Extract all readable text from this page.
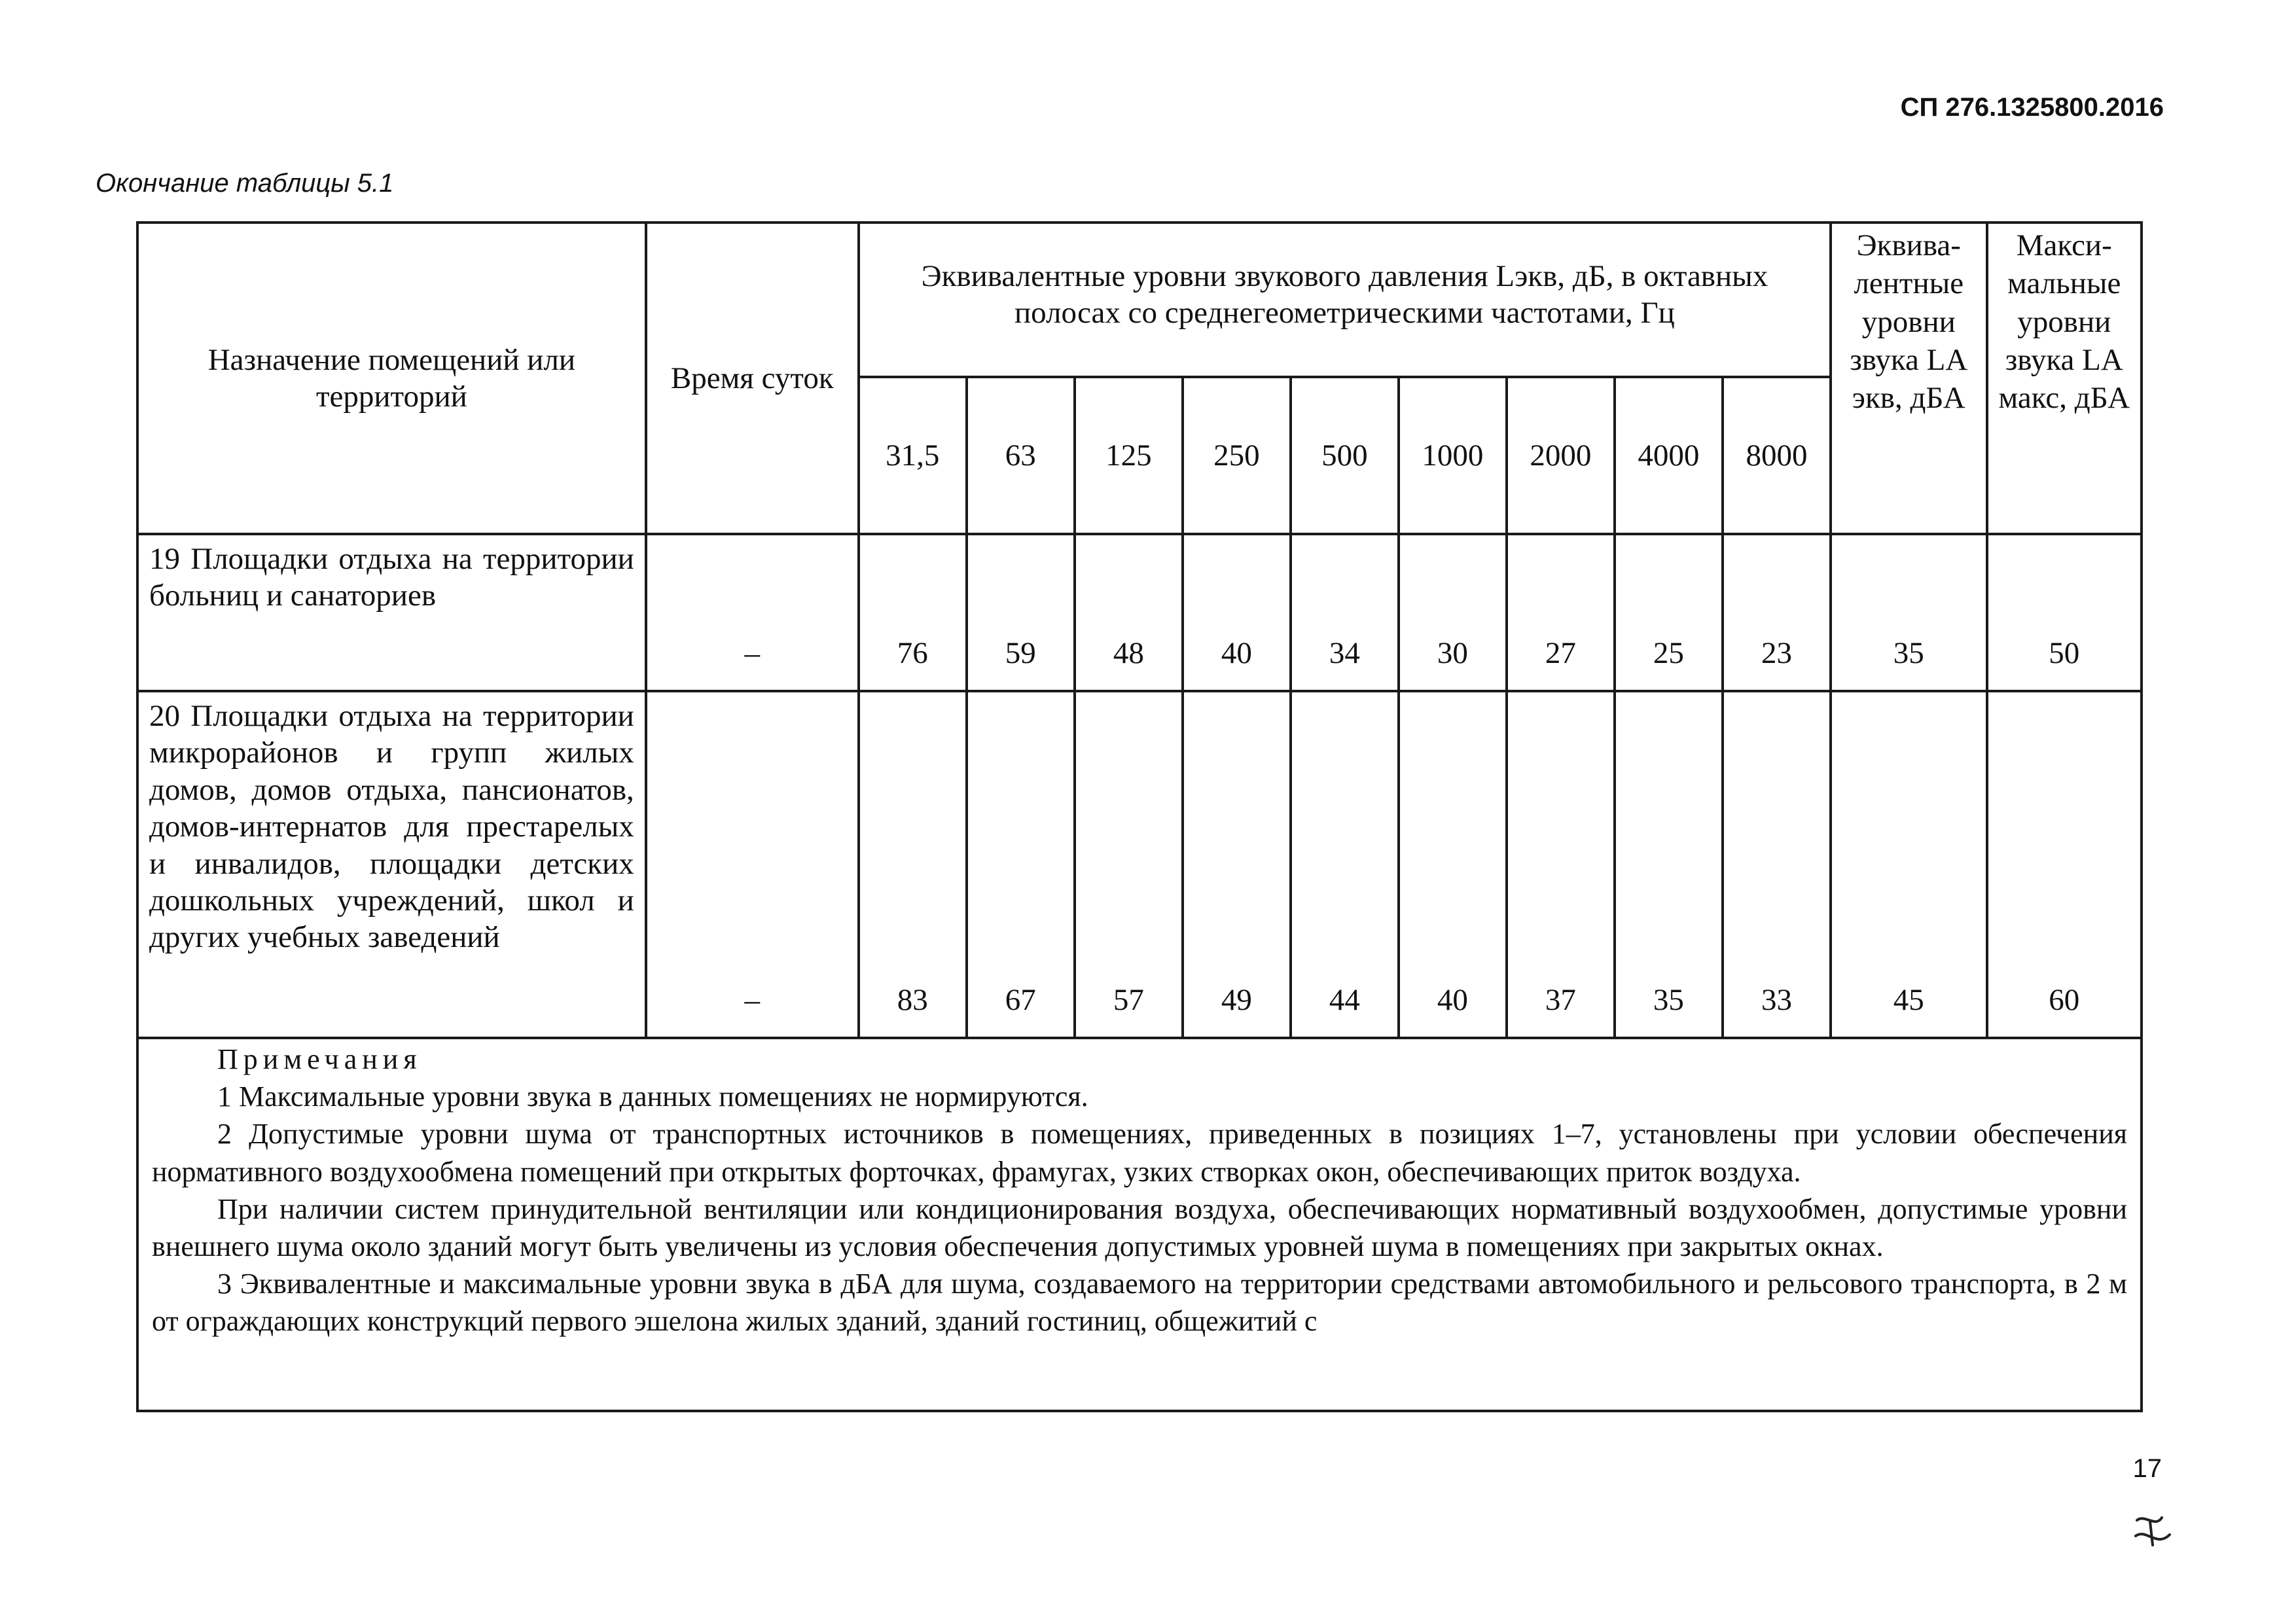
СП 276.1325800.2016
Окончание таблицы 5.1
Назначение помещений или территорий	Время суток	Эквивалентные уровни звукового давления Lэкв, дБ, в октавных полосах со среднегеометрическими частотами, Гц									Эквива-лентные уровни звука LA экв, дБА	Макси-мальные уровни звука LA макс, дБА
		31,5	63	125	250	500	1000	2000	4000	8000		
19 Площадки отдыха на территории больниц и санаториев	–	76	59	48	40	34	30	27	25	23	35	50
20 Площадки отдыха на территории микрорайонов и групп жилых домов, домов отдыха, пансионатов, домов-интернатов для престарелых и инвалидов, площадки детских дошкольных учреждений, школ и других учебных заведений	–	83	67	57	49	44	40	37	35	33	45	60

Примечания

1 Максимальные уровни звука в данных помещениях не нормируются.

2 Допустимые уровни шума от транспортных источников в помещениях, приведенных в позициях 1–7, установлены при условии обеспечения нормативного воздухообмена помещений при открытых форточках, фрамугах, узких створках окон, обеспечивающих приток воздуха.

При наличии систем принудительной вентиляции или кондиционирования воздуха, обеспечивающих нормативный воздухообмен, допустимые уровни внешнего шума около зданий могут быть увеличены из условия обеспечения допустимых уровней шума в помещениях при закрытых окнах.

3 Эквивалентные и максимальные уровни звука в дБА для шума, создаваемого на территории средствами автомобильного и рельсового транспорта, в 2 м от ограждающих конструкций первого эшелона жилых зданий, зданий гостиниц, общежитий с												

17
